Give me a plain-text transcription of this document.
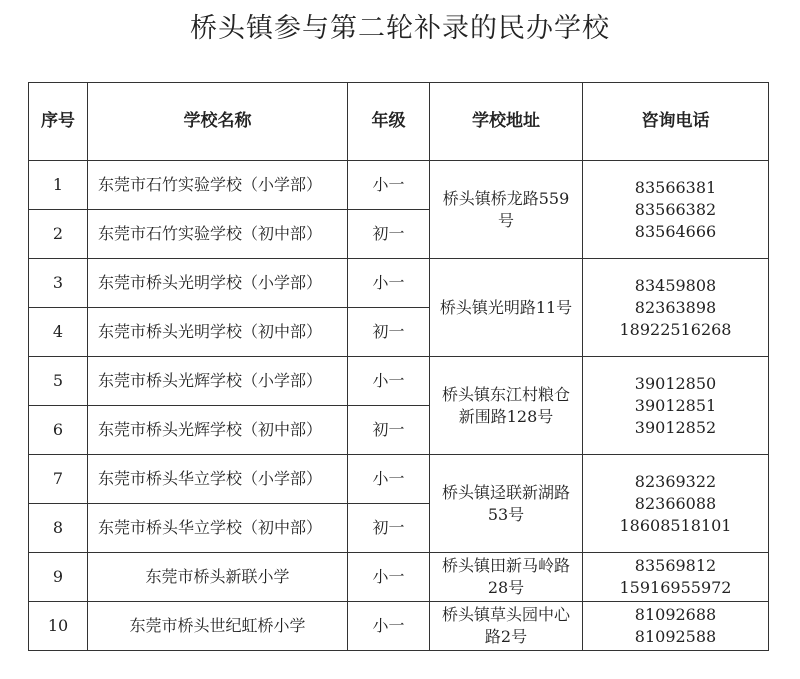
桥头镇参与第二轮补录的民办学校
序号	学校名称	年级	学校地址	咨询电话
1	东莞市石竹实验学校（小学部）	小一	桥头镇桥龙路559号	83566381
83566382
83564666

2	东莞市石竹实验学校（初中部）	初一		
3	东莞市桥头光明学校（小学部）	小一	桥头镇光明路11号	83459808
82363898
18922516268

4	东莞市桥头光明学校（初中部）	初一		
5	东莞市桥头光辉学校（小学部）	小一	桥头镇东江村粮仓新围路128号	39012850
39012851
39012852

6	东莞市桥头光辉学校（初中部）	初一		
7	东莞市桥头华立学校（小学部）	小一	桥头镇迳联新湖路53号	82369322
82366088
18608518101

8	东莞市桥头华立学校（初中部）	初一		
9	东莞市桥头新联小学	小一	桥头镇田新马岭路28号	83569812
15916955972

10	东莞市桥头世纪虹桥小学	小一	桥头镇草头园中心路2号	81092688
81092588
